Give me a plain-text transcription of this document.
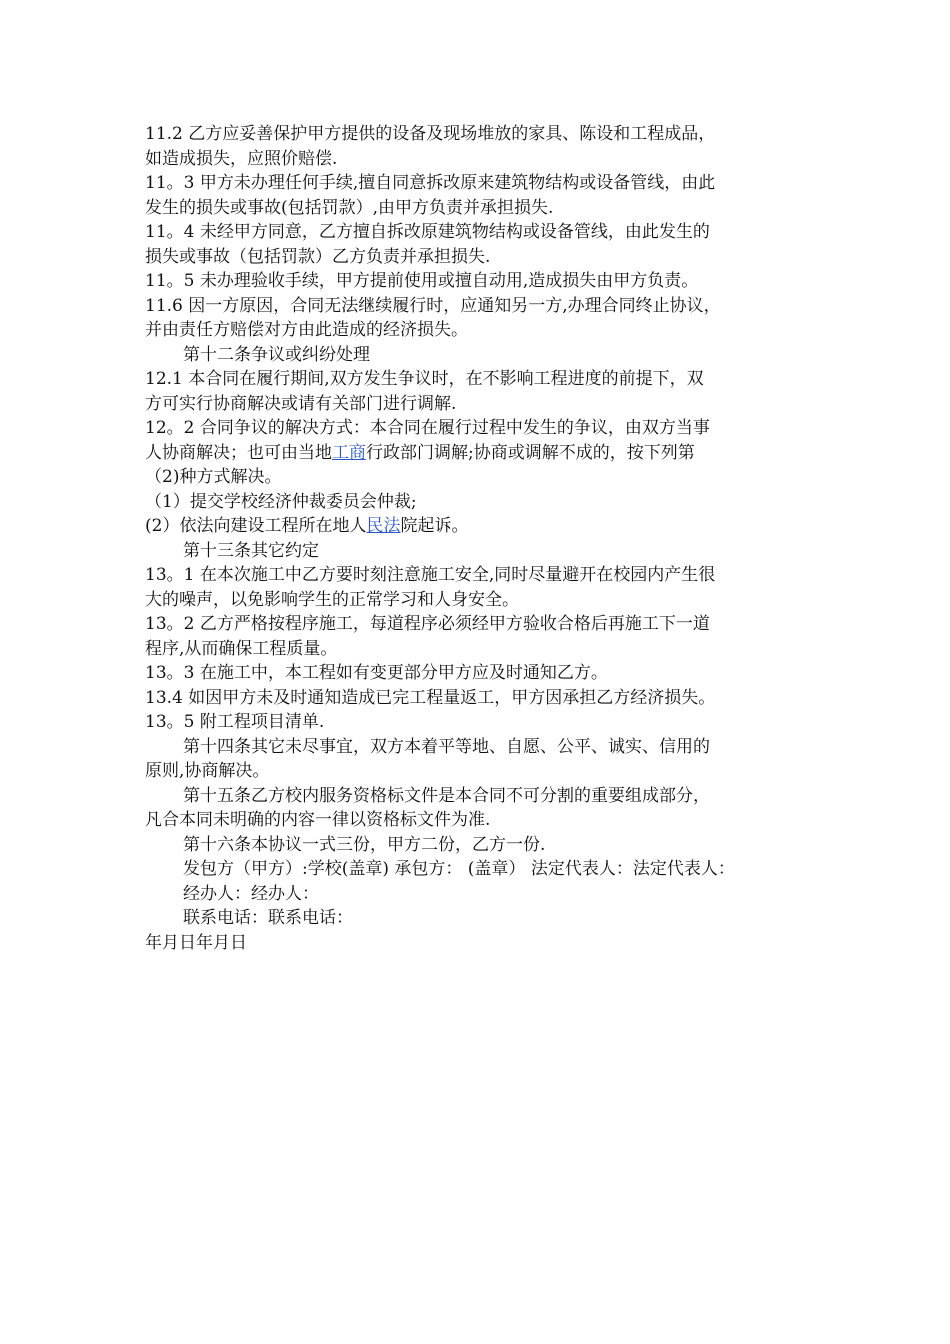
11.2 乙方应妥善保护甲方提供的设备及现场堆放的家具、陈设和工程成品，
如造成损失，应照价赔偿.
11。3 甲方未办理任何手续,擅自同意拆改原来建筑物结构或设备管线，由此
发生的损失或事故(包括罚款）,由甲方负责并承担损失.
11。4 未经甲方同意，乙方擅自拆改原建筑物结构或设备管线，由此发生的
损失或事故（包括罚款）乙方负责并承担损失.
11。5 未办理验收手续，甲方提前使用或擅自动用,造成损失由甲方负责。
11.6 因一方原因，合同无法继续履行时，应通知另一方,办理合同终止协议，
并由责任方赔偿对方由此造成的经济损失。
第十二条争议或纠纷处理
12.1 本合同在履行期间,双方发生争议时，在不影响工程进度的前提下，双
方可实行协商解决或请有关部门进行调解.
12。2 合同争议的解决方式：本合同在履行过程中发生的争议，由双方当事
人协商解决；也可由当地工商行政部门调解;协商或调解不成的，按下列第
（2)种方式解决。
（1）提交学校经济仲裁委员会仲裁;
(2）依法向建设工程所在地人民法院起诉。
第十三条其它约定
13。1 在本次施工中乙方要时刻注意施工安全,同时尽量避开在校园内产生很
大的噪声，以免影响学生的正常学习和人身安全。
13。2 乙方严格按程序施工，每道程序必须经甲方验收合格后再施工下一道
程序,从而确保工程质量。
13。3 在施工中，本工程如有变更部分甲方应及时通知乙方。
13.4 如因甲方未及时通知造成已完工程量返工，甲方因承担乙方经济损失。
13。5 附工程项目清单.
第十四条其它未尽事宜，双方本着平等地、自愿、公平、诚实、信用的
原则,协商解决。
第十五条乙方校内服务资格标文件是本合同不可分割的重要组成部分，
凡合本同未明确的内容一律以资格标文件为准.
第十六条本协议一式三份，甲方二份，乙方一份.
发包方（甲方）:学校(盖章) 承包方： (盖章） 法定代表人：法定代表人：
经办人：经办人：
联系电话：联系电话：
年月日年月日
